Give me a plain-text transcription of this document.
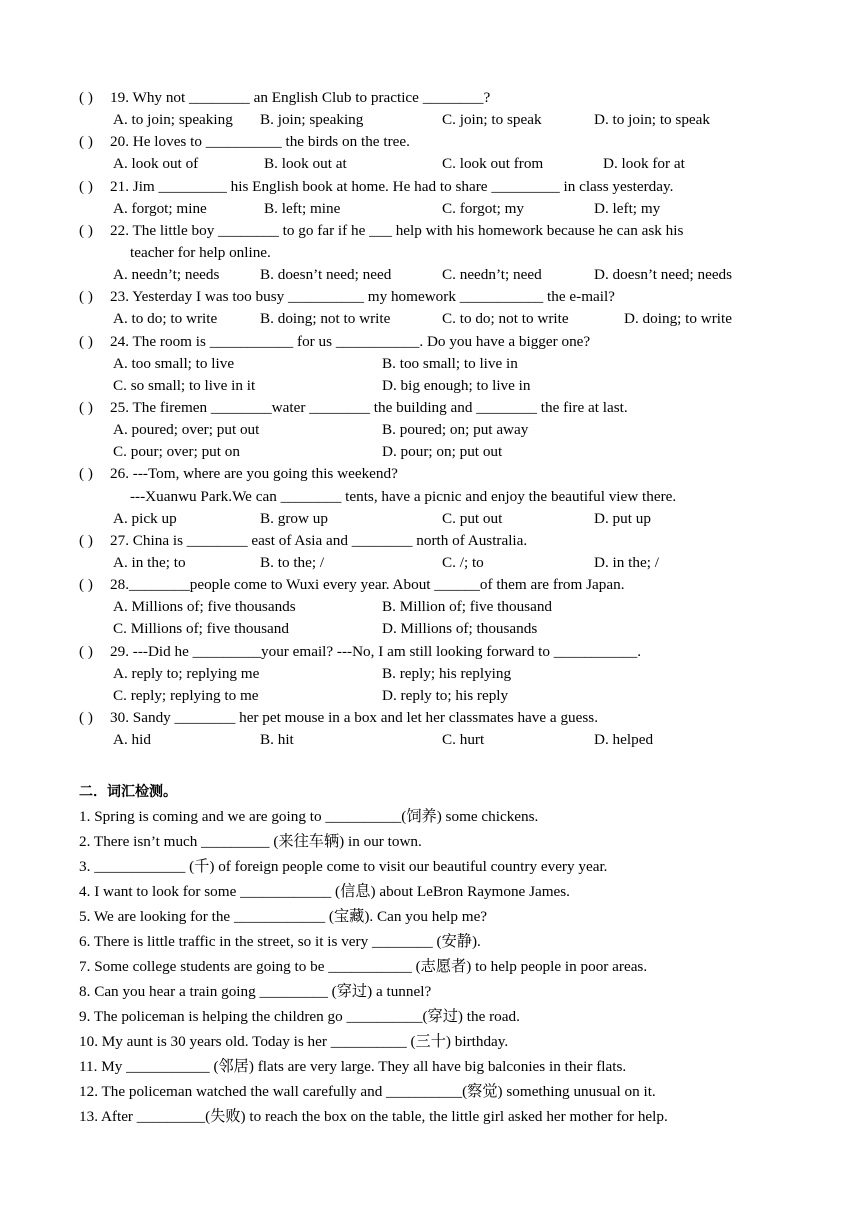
( ) 19. Why not ________ an English Club to practice ________?
A. to join; speaking B. join; speaking	C. join; to speak	D. to join; to speak
( ) 20. He loves to __________ the birds on the tree.
A. look out of	B. look out at	C. look out from	D. look for at
( ) 21. Jim _________ his English book at home. He had to share _________ in class yesterday.
A. forgot; mine	B. left; mine	C. forgot; my	D. left; my
( ) 22. The little boy ________ to go far if he ___ help with his homework because he can ask his
teacher for help online.
A. needn’t; needs	B. doesn’t need; need	C. needn’t; need	D. doesn’t need; needs
( ) 23. Yesterday I was too busy __________ my homework ___________ the e-mail?
A. to do; to write	B. doing; not to write	C. to do; not to write	D. doing; to write
( ) 24. The room is ___________ for us ___________. Do you have a bigger one?
A. too small; to live	B. too small; to live in
C. so small; to live in it	D. big enough; to live in
( ) 25. The firemen ________water ________ the building and ________ the fire at last.
A. poured; over; put out	B. poured; on; put away
C. pour; over; put on	D. pour; on; put out
( ) 26. ---Tom, where are you going this weekend?
---Xuanwu Park.We can ________ tents, have a picnic and enjoy the beautiful view there.
A. pick up	B. grow up	C. put out	D. put up
( ) 27. China is ________ east of Asia and ________ north of Australia.
A. in the; to	B. to the; /	C. /; to	D. in the; /
( ) 28.________people come to Wuxi every year. About ______of them are from Japan.
A. Millions of; five thousands	B. Million of; five thousand
C. Millions of; five thousand	D. Millions of; thousands
( ) 29. ---Did he _________your email? ---No, I am still looking forward to ___________.
A. reply to; replying me	B. reply; his replying
C. reply; replying to me	D. reply to; his reply
( ) 30. Sandy ________ her pet mouse in a box and let her classmates have a guess.
A. hid	B. hit	C. hurt	D. helped
二．词汇检测。
1. Spring is coming and we are going to __________(饲养) some chickens.
2. There isn’t much _________ (来往车辆) in our town.
3. ____________ (千) of foreign people come to visit our beautiful country every year.
4. I want to look for some ____________ (信息) about LeBron Raymone James.
5. We are looking for the ____________ (宝藏). Can you help me?
6. There is little traffic in the street, so it is very ________ (安静).
7. Some college students are going to be ___________ (志愿者) to help people in poor areas.
8. Can you hear a train going _________ (穿过) a tunnel?
9. The policeman is helping the children go __________(穿过) the road.
10. My aunt is 30 years old. Today is her __________ (三十) birthday.
11. My ___________ (邻居) flats are very large. They all have big balconies in their flats.
12. The policeman watched the wall carefully and __________(察觉) something unusual on it.
13. After _________(失败) to reach the box on the table, the little girl asked her mother for help.
